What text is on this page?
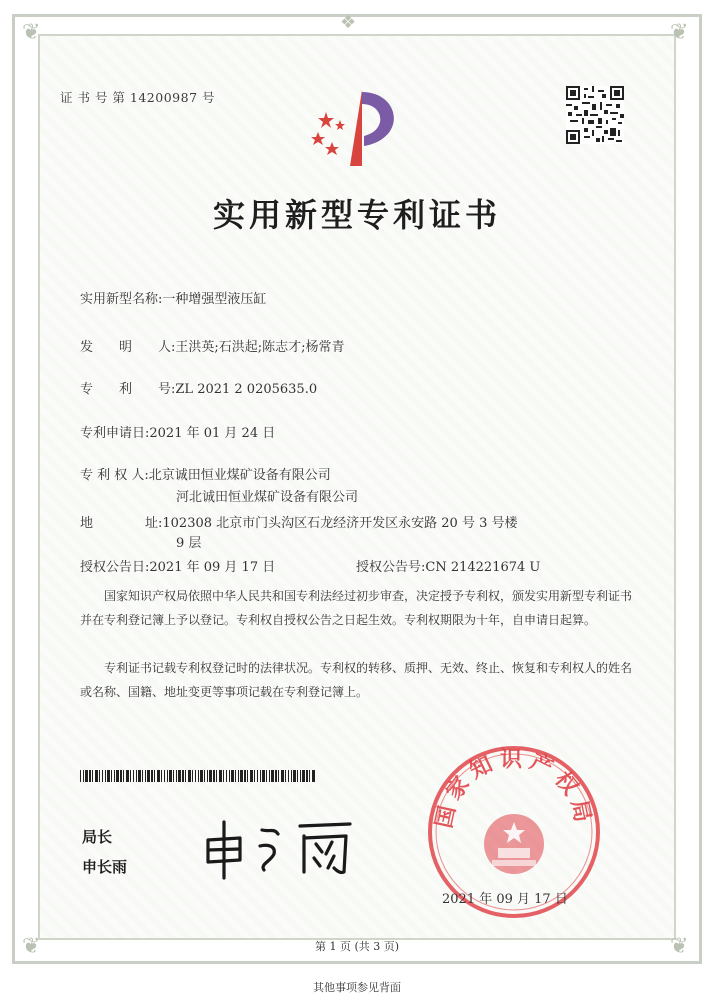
❦	❦
❦	❦
❖
证 书 号 第 14200987 号
实用新型专利证书
实用新型名称:一种增强型液压缸
发　　明　　人:王洪英;石洪起;陈志才;杨常青
专　　利　　号:ZL 2021 2 0205635.0
专利申请日:2021 年 01 月 24 日
专 利 权 人:北京诚田恒业煤矿设备有限公司
河北诚田恒业煤矿设备有限公司
地　　　　址:102308 北京市门头沟区石龙经济开发区永安路 20 号 3 号楼
9 层
授权公告日:2021 年 09 月 17 日	授权公告号:CN 214221674 U
国家知识产权局依照中华人民共和国专利法经过初步审查，决定授予专利权，颁发实用新型专利证书并在专利登记簿上予以登记。专利权自授权公告之日起生效。专利权期限为十年，自申请日起算。
专利证书记载专利权登记时的法律状况。专利权的转移、质押、无效、终止、恢复和专利权人的姓名或名称、国籍、地址变更等事项记载在专利登记簿上。
局长
申长雨
国家知识产权局
2021 年 09 月 17 日
第 1 页 (共 3 页)
其他事项参见背面
